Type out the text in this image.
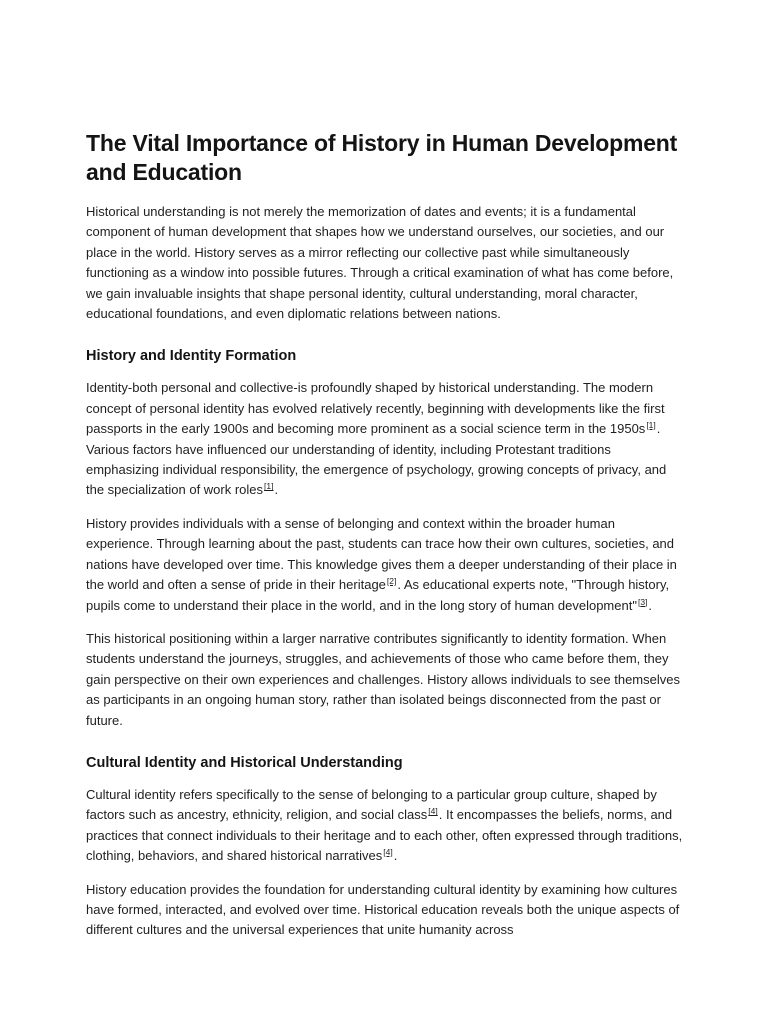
The Vital Importance of History in Human Development and Education

Historical understanding is not merely the memorization of dates and events; it is a fundamental component of human development that shapes how we understand ourselves, our societies, and our place in the world. History serves as a mirror reflecting our collective past while simultaneously functioning as a window into possible futures. Through a critical examination of what has come before, we gain invaluable insights that shape personal identity, cultural understanding, moral character, educational foundations, and even diplomatic relations between nations.

History and Identity Formation

Identity-both personal and collective-is profoundly shaped by historical understanding. The modern concept of personal identity has evolved relatively recently, beginning with developments like the first passports in the early 1900s and becoming more prominent as a social science term in the 1950s[1]. Various factors have influenced our understanding of identity, including Protestant traditions emphasizing individual responsibility, the emergence of psychology, growing concepts of privacy, and the specialization of work roles[1].

History provides individuals with a sense of belonging and context within the broader human experience. Through learning about the past, students can trace how their own cultures, societies, and nations have developed over time. This knowledge gives them a deeper understanding of their place in the world and often a sense of pride in their heritage[2]. As educational experts note, "Through history, pupils come to understand their place in the world, and in the long story of human development"[3].

This historical positioning within a larger narrative contributes significantly to identity formation. When students understand the journeys, struggles, and achievements of those who came before them, they gain perspective on their own experiences and challenges. History allows individuals to see themselves as participants in an ongoing human story, rather than isolated beings disconnected from the past or future.

Cultural Identity and Historical Understanding

Cultural identity refers specifically to the sense of belonging to a particular group culture, shaped by factors such as ancestry, ethnicity, religion, and social class[4]. It encompasses the beliefs, norms, and practices that connect individuals to their heritage and to each other, often expressed through traditions, clothing, behaviors, and shared historical narratives[4].

History education provides the foundation for understanding cultural identity by examining how cultures have formed, interacted, and evolved over time. Historical education reveals both the unique aspects of different cultures and the universal experiences that unite humanity across
